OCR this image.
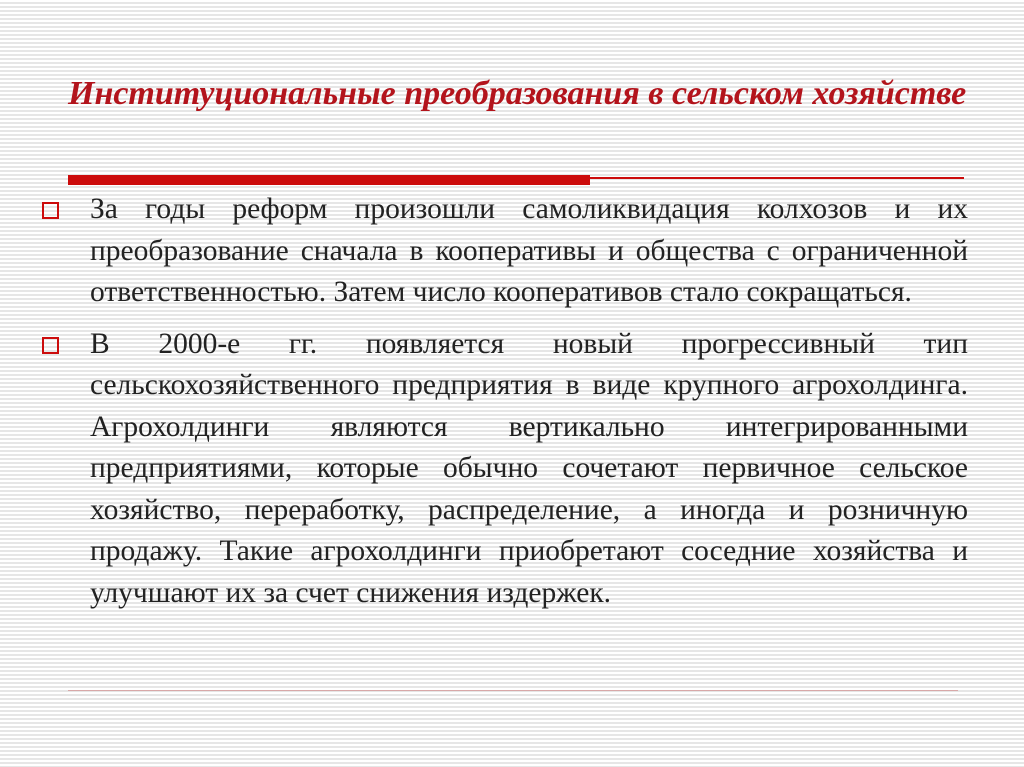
Институциональные преобразования в сельском хозяйстве
За годы реформ произошли самоликвидация колхозов и их преобразование сначала в кооперативы и общества с ограниченной ответственностью. Затем число кооперативов стало сокращаться.
В 2000-е гг. появляется новый прогрессивный тип сельскохозяйственного предприятия в виде крупного агрохолдинга. Агрохолдинги являются вертикально интегрированными предприятиями, которые обычно сочетают первичное сельское хозяйство, переработку, распределение, а иногда и розничную продажу. Такие агрохолдинги приобретают соседние хозяйства и улучшают их за счет снижения издержек.
